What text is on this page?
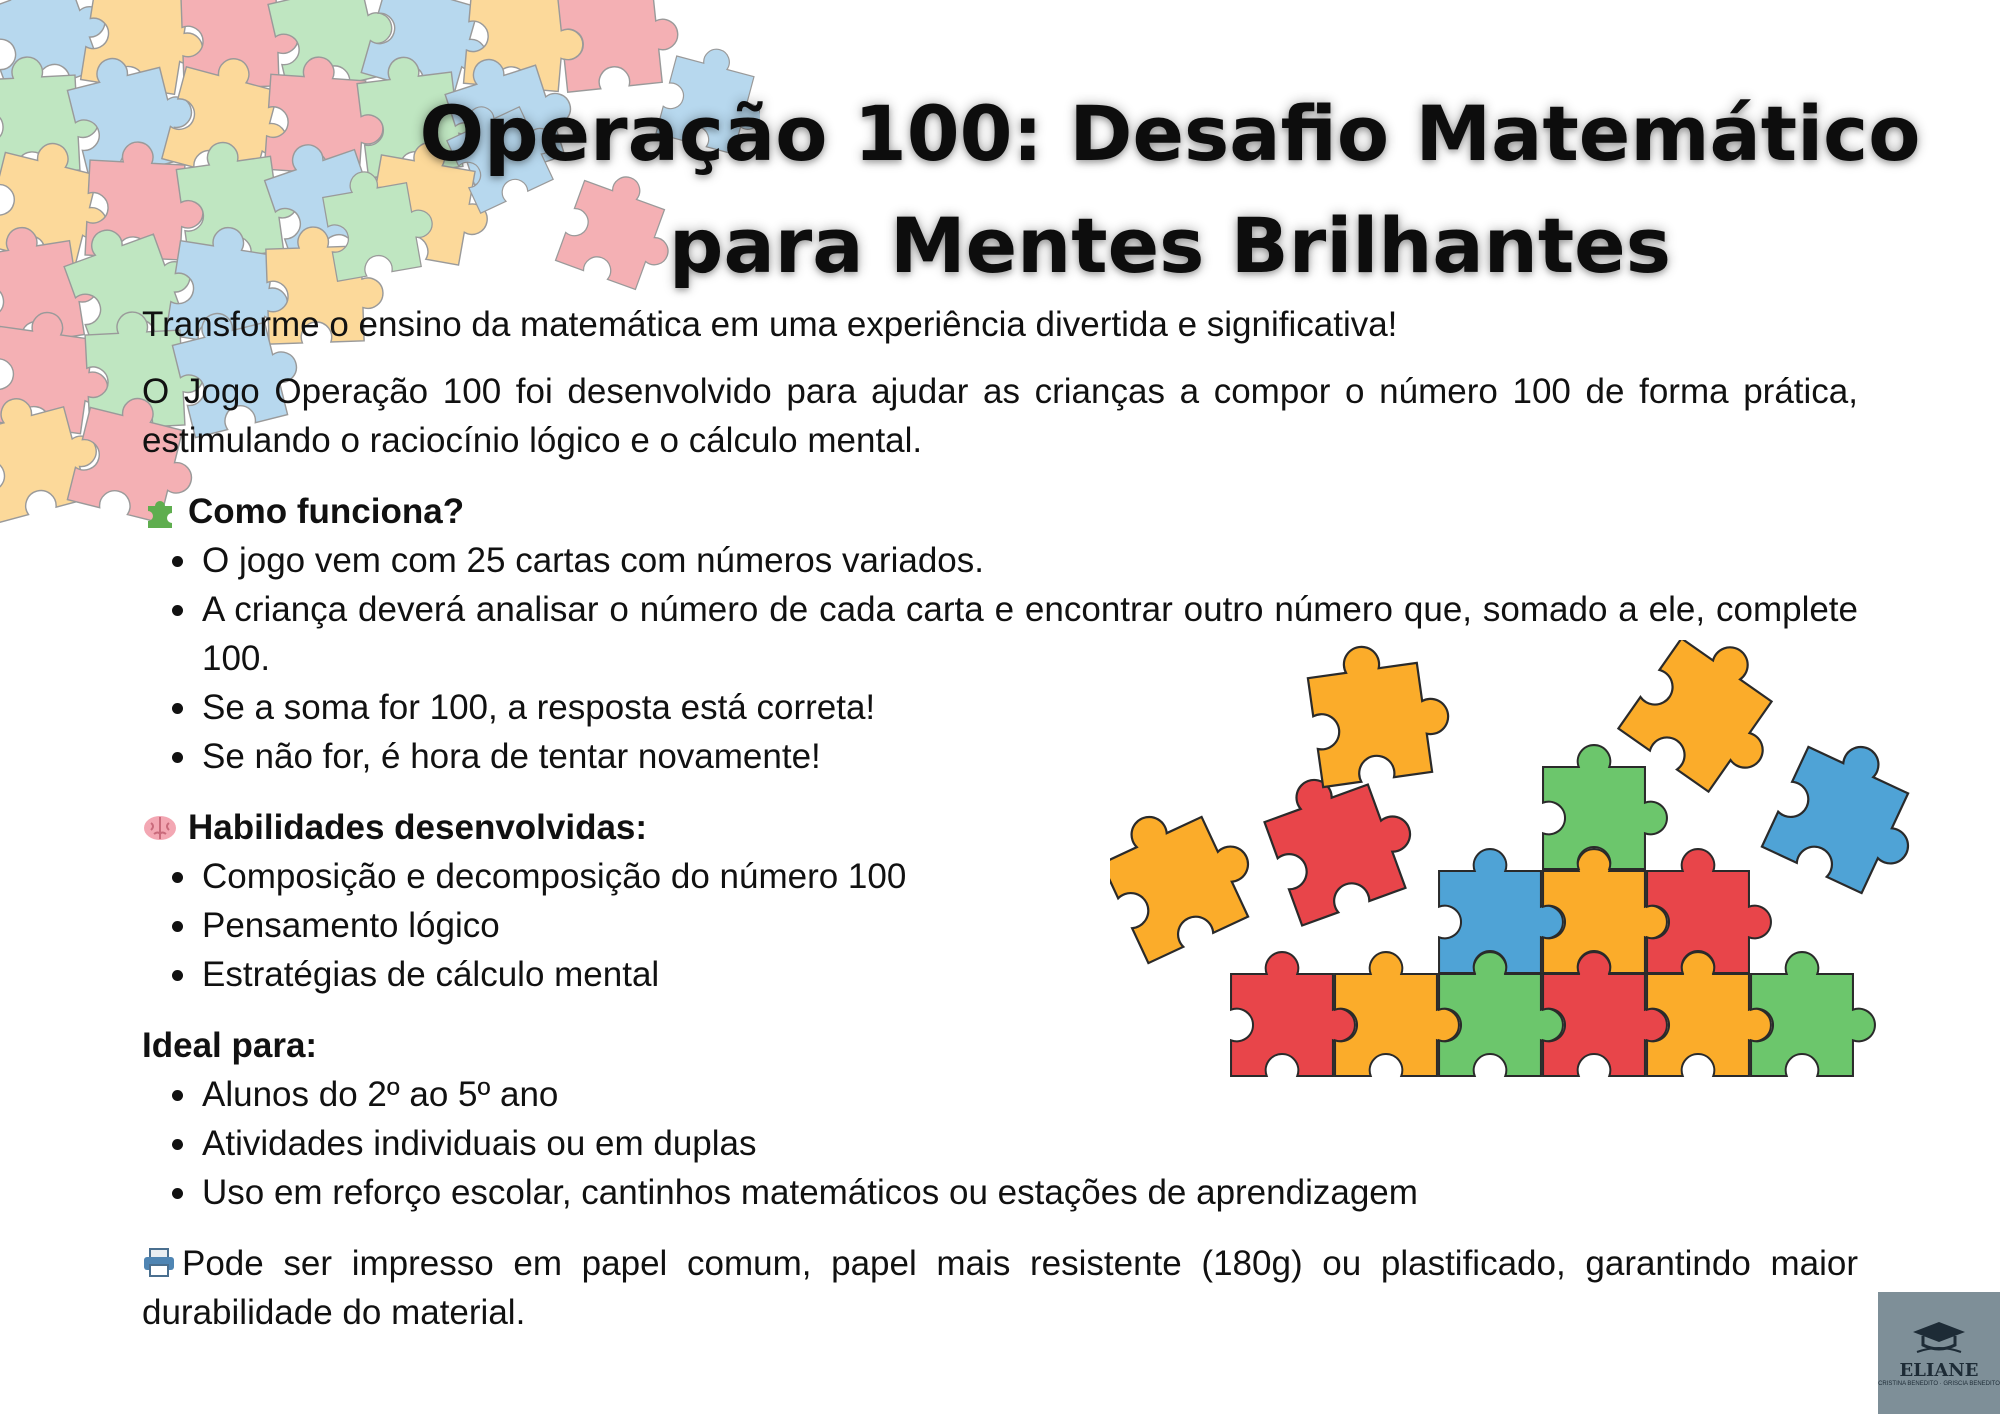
Operação 100: Desafio Matemático
para Mentes Brilhantes

Transforme o ensino da matemática em uma experiência divertida e significativa!

O Jogo Operação 100 foi desenvolvido para ajudar as crianças a compor o número 100 de forma prática, estimulando o raciocínio lógico e o cálculo mental.

Como funciona?
O jogo vem com 25 cartas com números variados.
A criança deverá analisar o número de cada carta e encontrar outro número que, somado a ele, complete 100.
Se a soma for 100, a resposta está correta!
Se não for, é hora de tentar novamente!
Habilidades desenvolvidas:
Composição e decomposição do número 100
Pensamento lógico
Estratégias de cálculo mental
Ideal para:
Alunos do 2º ao 5º ano
Atividades individuais ou em duplas
Uso em reforço escolar, cantinhos matemáticos ou estações de aprendizagem

Pode ser impresso em papel comum, papel mais resistente (180g) ou plastificado, garantindo maior durabilidade do material.

ELIANE
CRISTINA BENEDITO · GRISCIA BENEDITO
